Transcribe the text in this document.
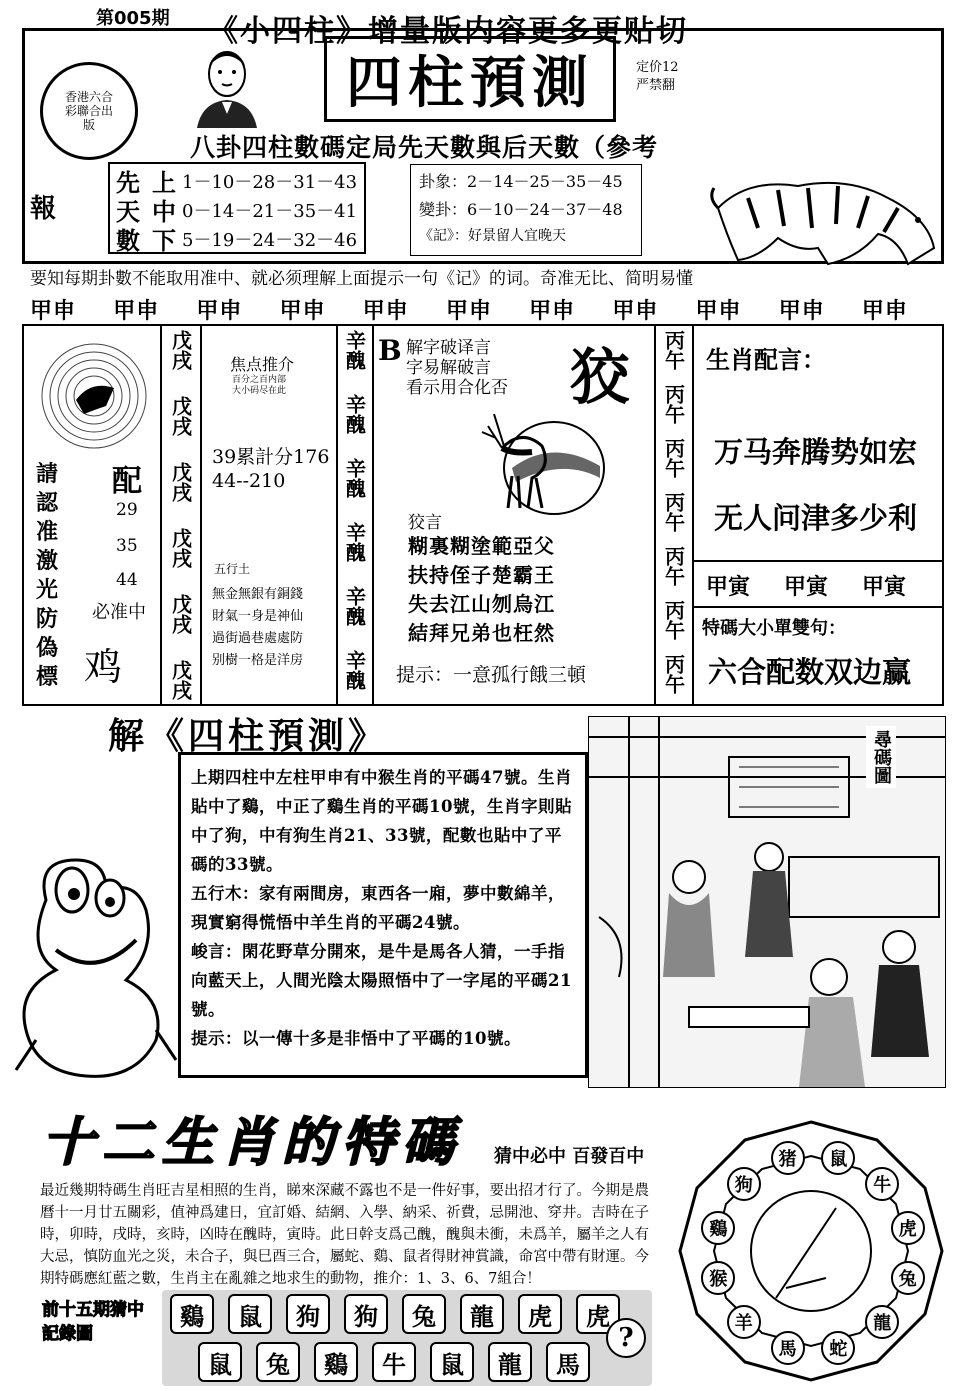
第005期 《小四柱》增量版内容更多更贴切
香港六合彩聯合出版
報
四柱預測	定价12
严禁翻
八卦四柱數碼定局先天數與后天數（參考
先 上 1－10－28－31－43
天 中 0－14－21－35－41
數 下 5－19－24－32－46
卦象： 2－14－25－35－45
變卦： 6－10－24－37－48
《記》： 好景留人宜晚天
要知每期卦數不能取用准中、就必须理解上面提示一句《记》的词。奇准无比、简明易懂
甲申 甲申 甲申 甲申 甲申 甲申 甲申 甲申 甲申 甲申 甲申
請
認
准
激
光
防
偽
標
配
29
35
44
必准中
鸡
戊戌
戊戌
戊戌
戊戌
戊戌
戊戌
焦点推介
百分之百内部
大小码尽在此
39累計分176
44--210
五行土
無金無銀有銅錢
財氣一身是神仙
過街過巷處處防
别樹一格是洋房
辛醜
辛醜
辛醜
辛醜
辛醜
辛醜
B 解字破译言
字易解破言
看示用合化否 狡
狡言
糊裏糊塗範亞父
扶持侄子楚霸王
失去江山刎烏江
結拜兄弟也枉然
提示：一意孤行餓三頓
丙午
丙午
丙午
丙午
丙午
丙午
丙午
生肖配言：
万马奔腾势如宏
无人问津多少利
甲寅 甲寅 甲寅
特碼大小單雙句：
六合配数双边赢
解《四柱預測》
上期四柱中左柱甲申有中猴生肖的平碼47號。生肖貼中了鷄，中正了鷄生肖的平碼10號，生肖字則貼中了狗，中有狗生肖21、33號，配數也貼中了平碼的33號。
五行木：家有兩間房，東西各一廂，夢中數綿羊，現實窮得慌悟中羊生肖的平碼24號。
峻言：閑花野草分開來，是牛是馬各人猜，一手指向藍天上，人間光陰太陽照悟中了一字尾的平碼21號。
提示：以一傳十多是非悟中了平碼的10號。
尋碼圖
十二生肖的特碼 猜中必中 百發百中
最近幾期特碼生肖旺吉星相照的生肖，睇來深藏不露也不是一件好事，要出招才行了。今期是農曆十一月廿五關彩，值神爲建日，宜訂婚、結網、入學、納采、祈費，忌開池、穿井。吉時在子時，卯時，戌時，亥時，凶時在醜時，寅時。此日幹支爲己醜，醜與未衝，未爲羊，屬羊之人有大忌，慎防血光之災，未合子，與巳酉三合，屬蛇、鷄、鼠者得財神賞識，命宮中帶有財運。今期特碼應紅藍之數，生肖主在亂雜之地求生的動物，推介：1、3、6、7組合！
前十五期猜中記錄圖
鷄	鼠	狗	狗	兔	龍	虎	虎
鼠	兔	鷄	牛	鼠	龍	馬
?
鼠
牛
虎
兔
龍
蛇
馬
羊
猴
鷄
狗
猪
